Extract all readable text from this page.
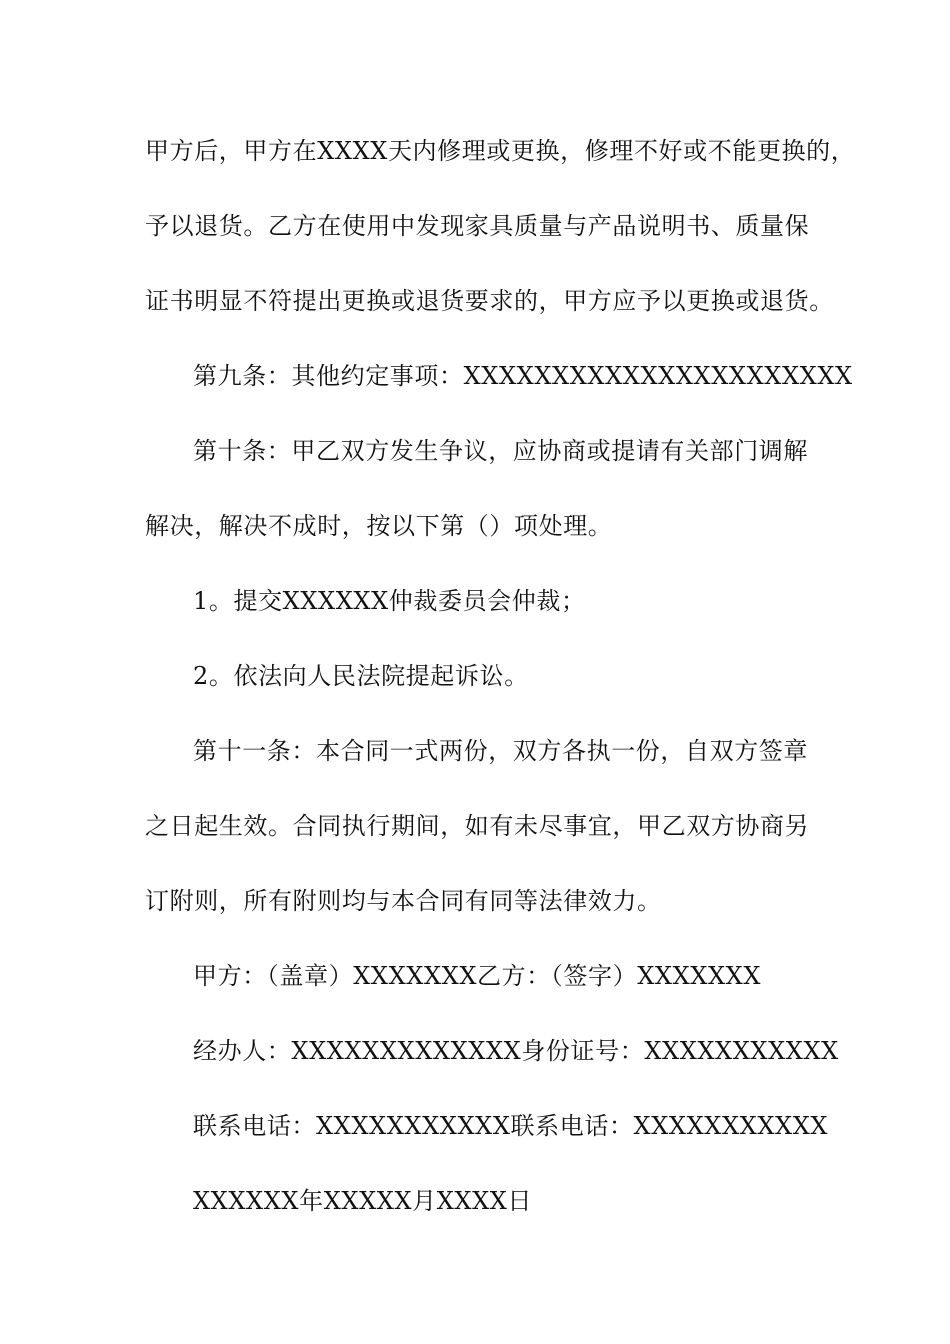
甲方后，甲方在XXXX天内修理或更换，修理不好或不能更换的，
予以退货。乙方在使用中发现家具质量与产品说明书、质量保
证书明显不符提出更换或退货要求的，甲方应予以更换或退货。
第九条：其他约定事项：XXXXXXXXXXXXXXXXXXXXXX
第十条：甲乙双方发生争议，应协商或提请有关部门调解
解决，解决不成时，按以下第（）项处理。
1。提交XXXXXX仲裁委员会仲裁；
2。依法向人民法院提起诉讼。
第十一条：本合同一式两份，双方各执一份，自双方签章
之日起生效。合同执行期间，如有未尽事宜，甲乙双方协商另
订附则，所有附则均与本合同有同等法律效力。
甲方：（盖章）XXXXXXX乙方：（签字）XXXXXXX
经办人：XXXXXXXXXXXXX身份证号：XXXXXXXXXXX
联系电话：XXXXXXXXXXX联系电话：XXXXXXXXXXX
XXXXXX年XXXXX月XXXX日
